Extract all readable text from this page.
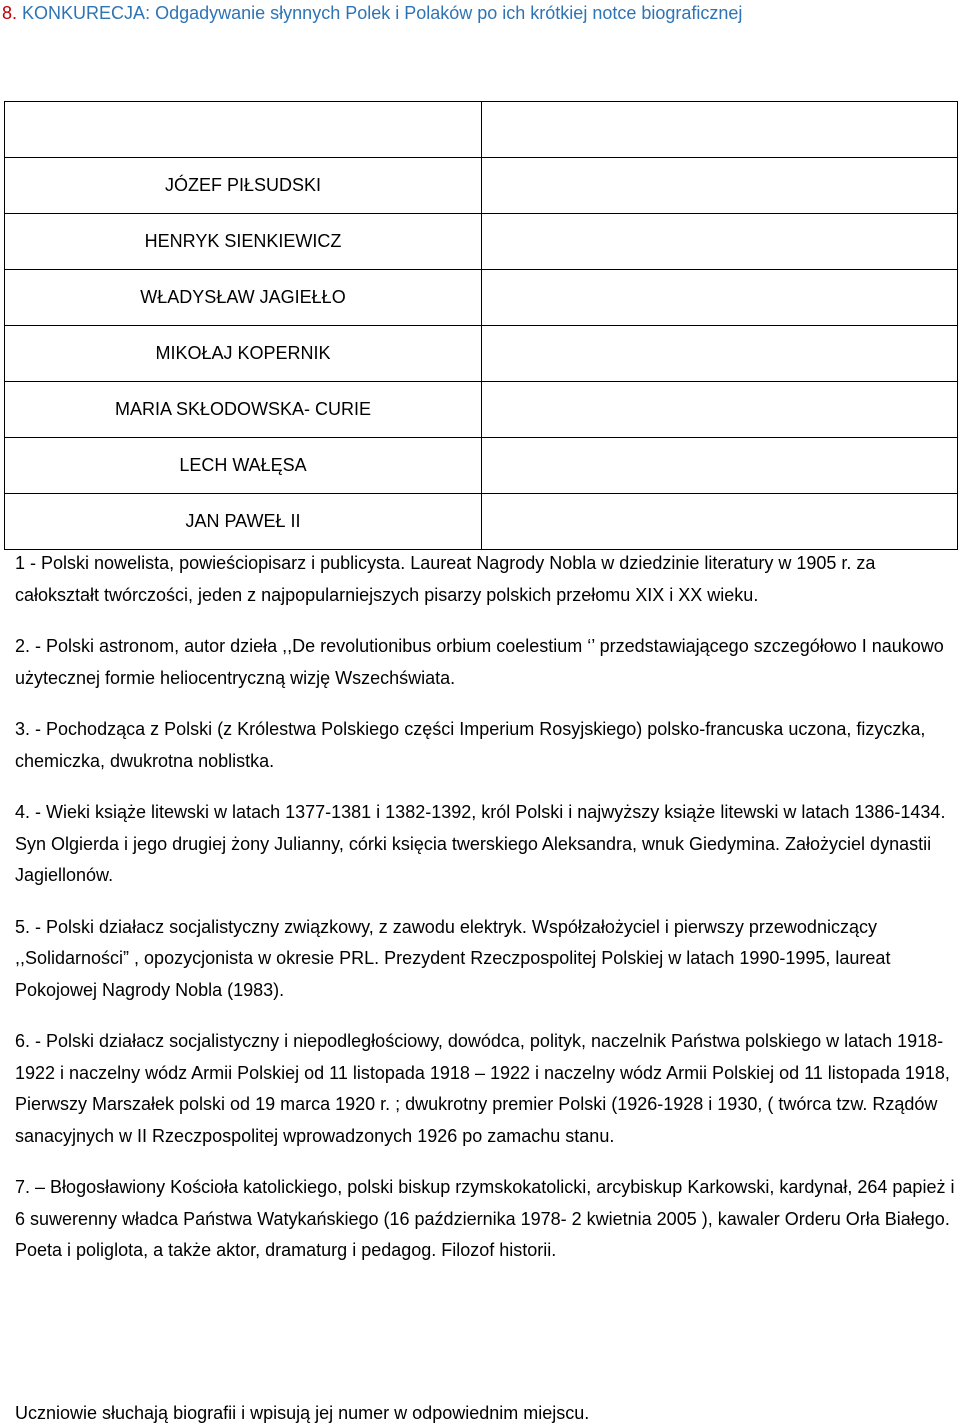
8. KONKURECJA: Odgadywanie słynnych Polek i Polaków po ich krótkiej notce biograficznej

JÓZEF PIŁSUDSKI	
HENRYK SIENKIEWICZ	
WŁADYSŁAW JAGIEŁŁO	
MIKOŁAJ KOPERNIK	
MARIA SKŁODOWSKA- CURIE	
LECH WAŁĘSA	
JAN PAWEŁ II	

1 - Polski nowelista, powieściopisarz i publicysta. Laureat Nagrody Nobla w dziedzinie literatury w 1905 r. za całokształt twórczości, jeden z najpopularniejszych pisarzy polskich przełomu XIX i XX wieku.

2. - Polski astronom, autor dzieła ,,De revolutionibus orbium coelestium ‘’ przedstawiającego szczegółowo I naukowo użytecznej formie heliocentryczną wizję Wszechświata.

3. - Pochodząca z Polski (z Królestwa Polskiego części Imperium Rosyjskiego) polsko-francuska uczona, fizyczka, chemiczka, dwukrotna noblistka.

4. - Wieki książe litewski w latach 1377-1381 i 1382-1392, król Polski i najwyższy książe litewski w latach 1386-1434. Syn Olgierda i jego drugiej żony Julianny, córki księcia twerskiego Aleksandra, wnuk Giedymina. Założyciel dynastii Jagiellonów.

5. - Polski działacz socjalistyczny związkowy, z zawodu elektryk. Współzałożyciel i pierwszy przewodniczący ,,Solidarności” , opozycjonista w okresie PRL. Prezydent Rzeczpospolitej Polskiej w latach 1990-1995, laureat Pokojowej Nagrody Nobla (1983).

6. - Polski działacz socjalistyczny i niepodległościowy, dowódca, polityk, naczelnik Państwa polskiego w latach 1918-1922 i naczelny wódz Armii Polskiej od 11 listopada 1918 – 1922 i naczelny wódz Armii Polskiej od 11 listopada 1918, Pierwszy Marszałek polski od 19 marca 1920 r. ; dwukrotny premier Polski (1926-1928 i 1930, ( twórca tzw. Rządów sanacyjnych w II Rzeczpospolitej wprowadzonych 1926 po zamachu stanu.

7. – Błogosławiony Kościoła katolickiego, polski biskup rzymskokatolicki, arcybiskup Karkowski, kardynał, 264 papież i 6 suwerenny władca Państwa Watykańskiego (16 października 1978- 2 kwietnia 2005 ), kawaler Orderu Orła Białego. Poeta i poliglota, a także aktor, dramaturg i pedagog. Filozof historii.

Uczniowie słuchają biografii i wpisują jej numer w odpowiednim miejscu.
